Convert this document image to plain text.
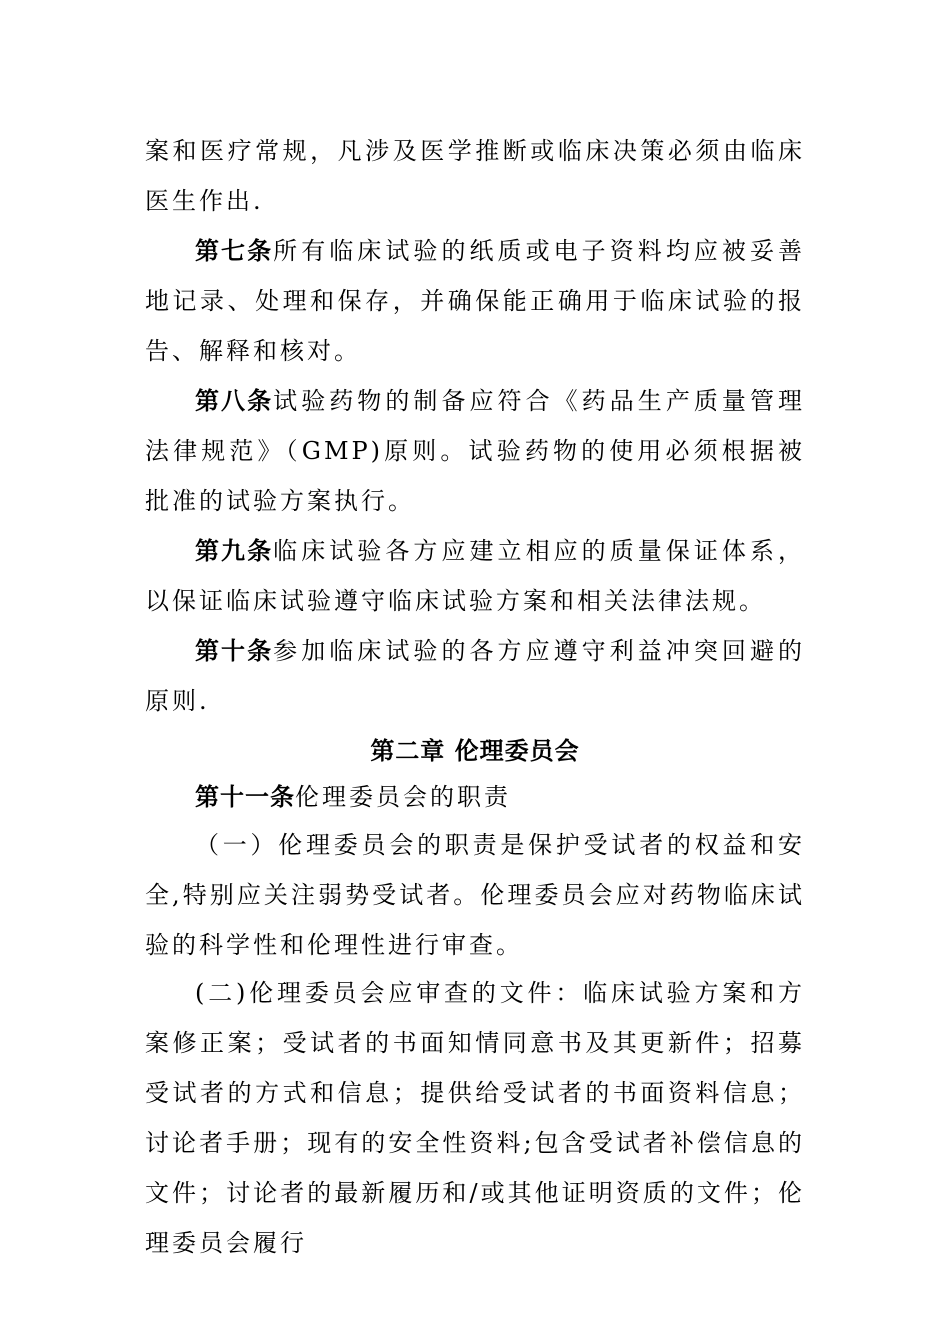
案和医疗常规，凡涉及医学推断或临床决策必须由临床医生作出.
第七条所有临床试验的纸质或电子资料均应被妥善地记录、处理和保存，并确保能正确用于临床试验的报告、解释和核对。
第八条试验药物的制备应符合《药品生产质量管理法律规范》（GMP)原则。试验药物的使用必须根据被批准的试验方案执行。
第九条临床试验各方应建立相应的质量保证体系，以保证临床试验遵守临床试验方案和相关法律法规。
第十条参加临床试验的各方应遵守利益冲突回避的原则.
第二章 伦理委员会
第十一条伦理委员会的职责
（一）伦理委员会的职责是保护受试者的权益和安全,特别应关注弱势受试者。伦理委员会应对药物临床试验的科学性和伦理性进行审查。
(二)伦理委员会应审查的文件：临床试验方案和方案修正案；受试者的书面知情同意书及其更新件；招募受试者的方式和信息；提供给受试者的书面资料信息；讨论者手册；现有的安全性资料;包含受试者补偿信息的文件；讨论者的最新履历和/或其他证明资质的文件；伦理委员会履行
